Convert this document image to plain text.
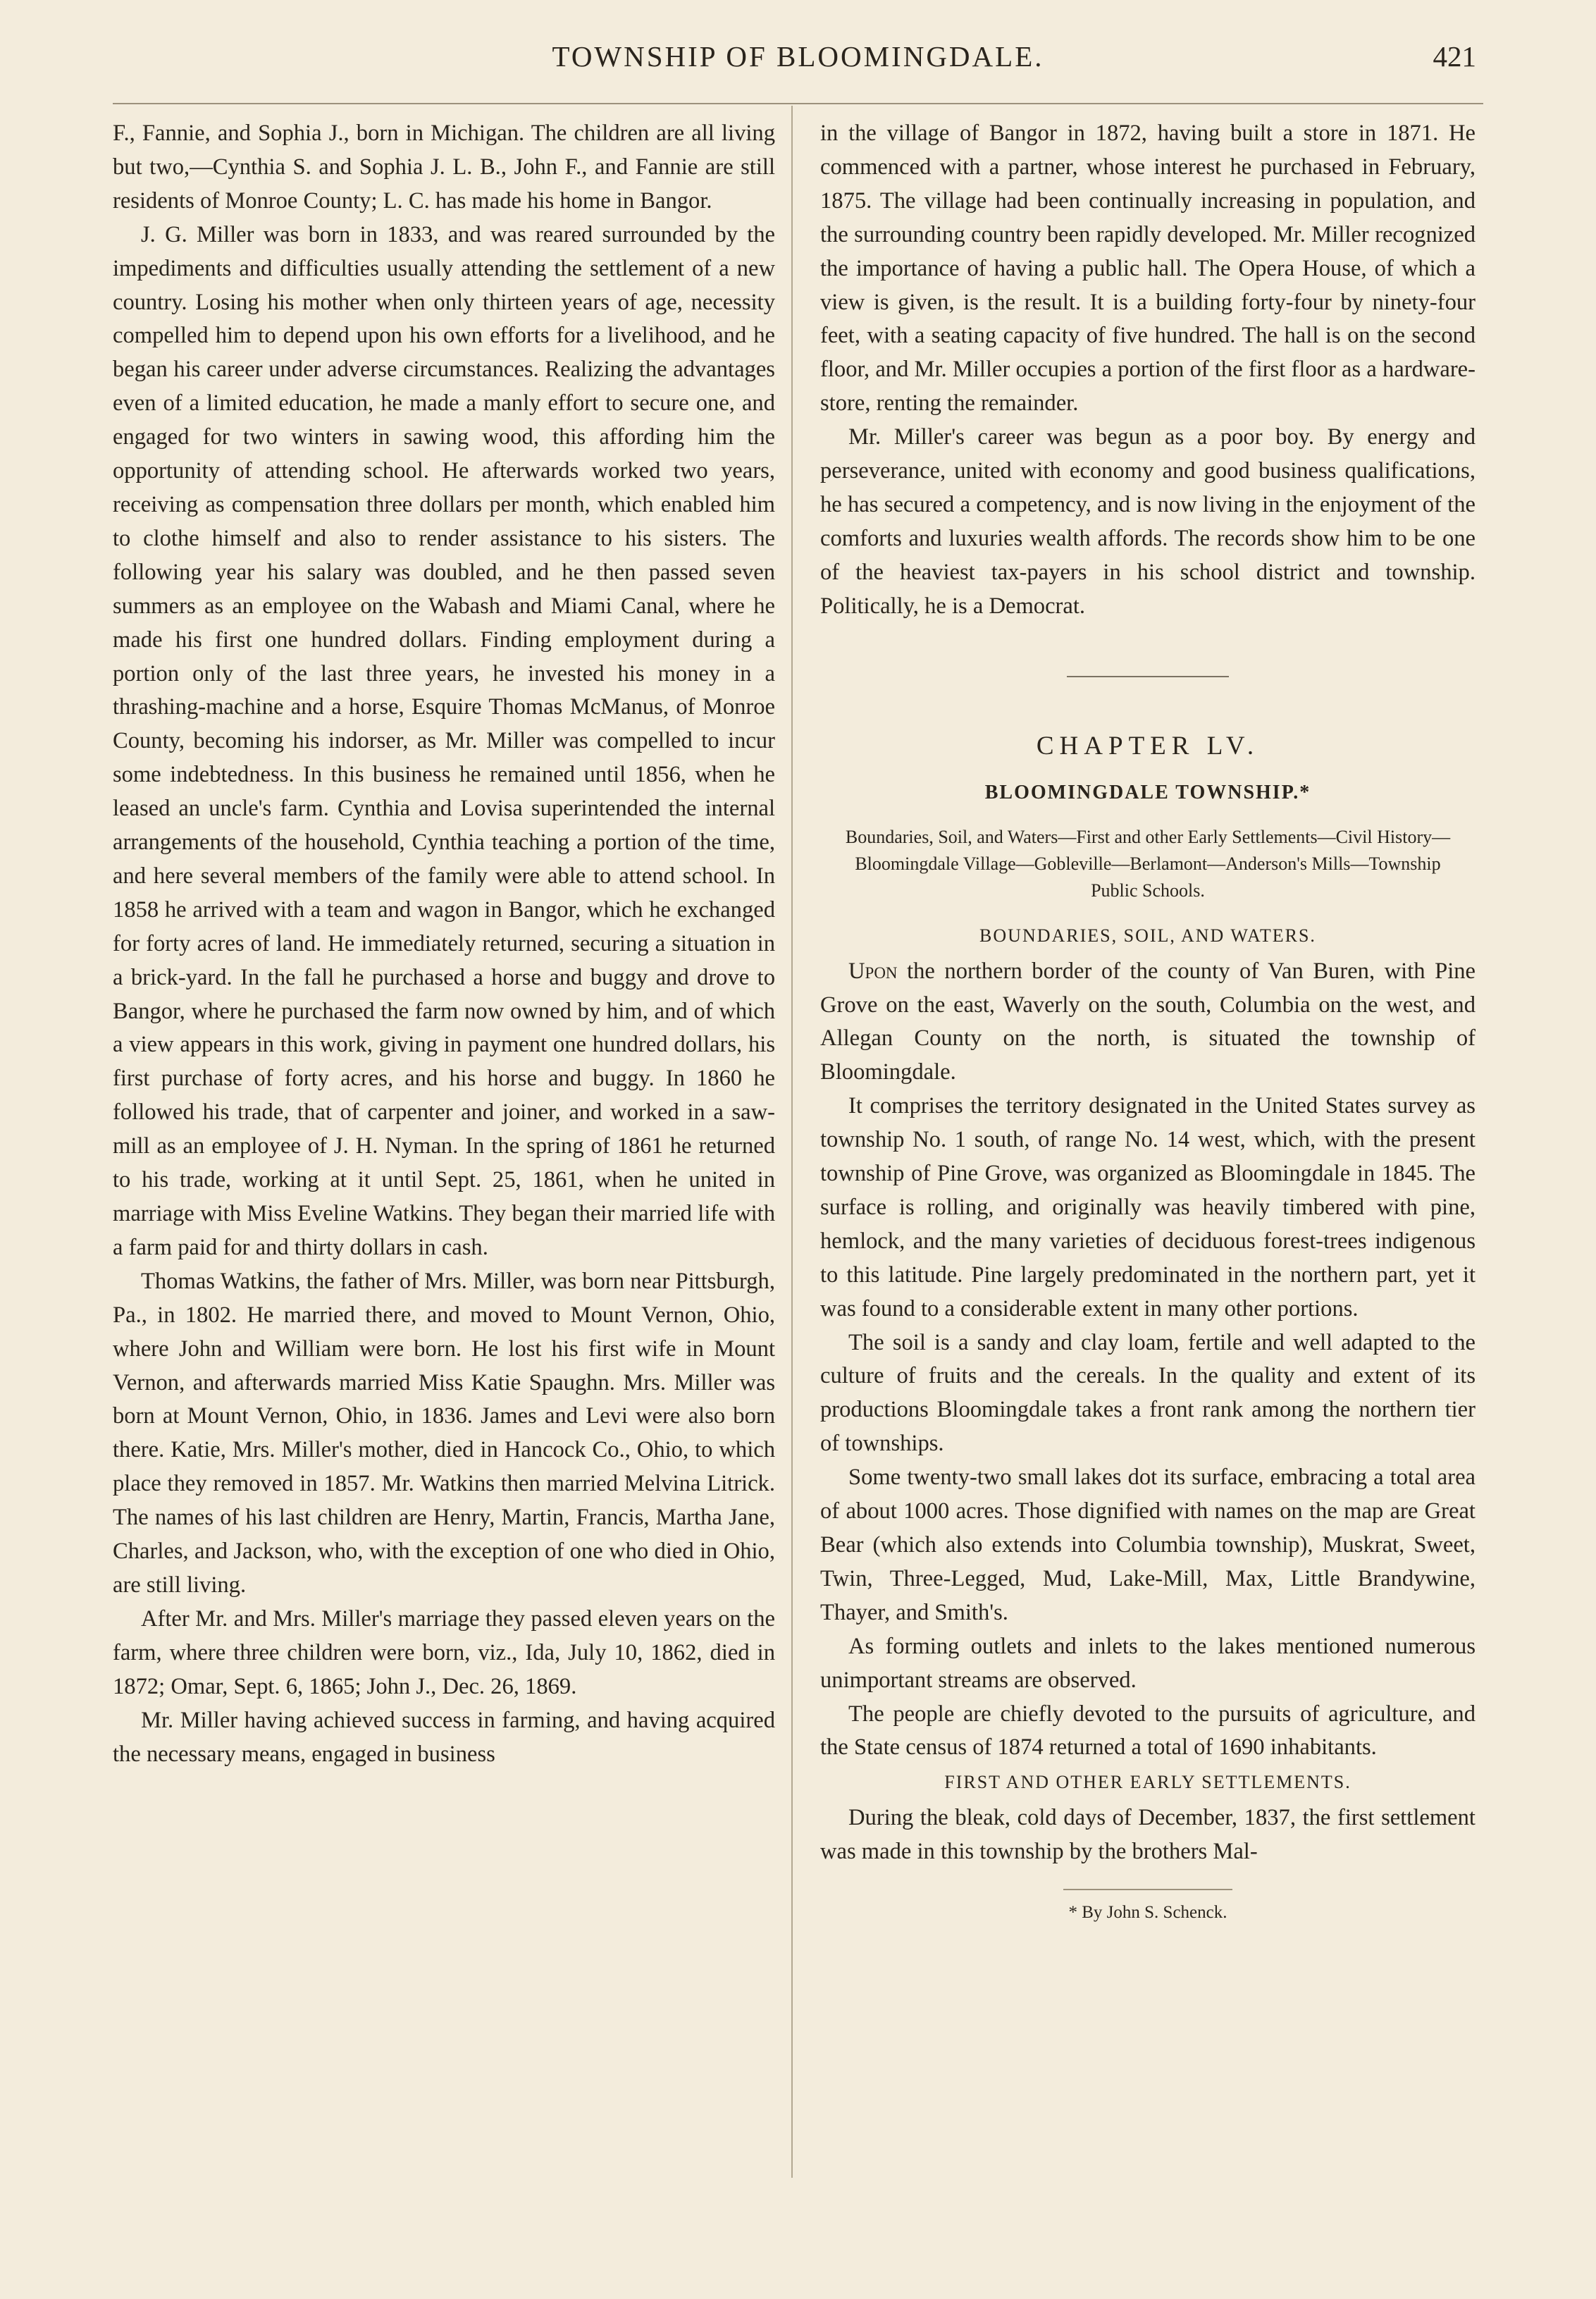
TOWNSHIP OF BLOOMINGDALE.	421

F., Fannie, and Sophia J., born in Michigan. The children are all living but two,—Cynthia S. and Sophia J. L. B., John F., and Fannie are still residents of Monroe County; L. C. has made his home in Bangor.

J. G. Miller was born in 1833, and was reared surrounded by the impediments and difficulties usually attending the settlement of a new country. Losing his mother when only thirteen years of age, necessity compelled him to depend upon his own efforts for a livelihood, and he began his career under adverse circumstances. Realizing the advantages even of a limited education, he made a manly effort to secure one, and engaged for two winters in sawing wood, this affording him the opportunity of attending school. He afterwards worked two years, receiving as compensation three dollars per month, which enabled him to clothe himself and also to render assistance to his sisters. The following year his salary was doubled, and he then passed seven summers as an employee on the Wabash and Miami Canal, where he made his first one hundred dollars. Finding employment during a portion only of the last three years, he invested his money in a thrashing-machine and a horse, Esquire Thomas McManus, of Monroe County, becoming his indorser, as Mr. Miller was compelled to incur some indebtedness. In this business he remained until 1856, when he leased an uncle's farm. Cynthia and Lovisa superintended the internal arrangements of the household, Cynthia teaching a portion of the time, and here several members of the family were able to attend school. In 1858 he arrived with a team and wagon in Bangor, which he exchanged for forty acres of land. He immediately returned, securing a situation in a brick-yard. In the fall he purchased a horse and buggy and drove to Bangor, where he purchased the farm now owned by him, and of which a view appears in this work, giving in payment one hundred dollars, his first purchase of forty acres, and his horse and buggy. In 1860 he followed his trade, that of carpenter and joiner, and worked in a saw-mill as an employee of J. H. Nyman. In the spring of 1861 he returned to his trade, working at it until Sept. 25, 1861, when he united in marriage with Miss Eveline Watkins. They began their married life with a farm paid for and thirty dollars in cash.

Thomas Watkins, the father of Mrs. Miller, was born near Pittsburgh, Pa., in 1802. He married there, and moved to Mount Vernon, Ohio, where John and William were born. He lost his first wife in Mount Vernon, and afterwards married Miss Katie Spaughn. Mrs. Miller was born at Mount Vernon, Ohio, in 1836. James and Levi were also born there. Katie, Mrs. Miller's mother, died in Hancock Co., Ohio, to which place they removed in 1857. Mr. Watkins then married Melvina Litrick. The names of his last children are Henry, Martin, Francis, Martha Jane, Charles, and Jackson, who, with the exception of one who died in Ohio, are still living.

After Mr. and Mrs. Miller's marriage they passed eleven years on the farm, where three children were born, viz., Ida, July 10, 1862, died in 1872; Omar, Sept. 6, 1865; John J., Dec. 26, 1869.

Mr. Miller having achieved success in farming, and having acquired the necessary means, engaged in business

in the village of Bangor in 1872, having built a store in 1871. He commenced with a partner, whose interest he purchased in February, 1875. The village had been continually increasing in population, and the surrounding country been rapidly developed. Mr. Miller recognized the importance of having a public hall. The Opera House, of which a view is given, is the result. It is a building forty-four by ninety-four feet, with a seating capacity of five hundred. The hall is on the second floor, and Mr. Miller occupies a portion of the first floor as a hardware-store, renting the remainder.

Mr. Miller's career was begun as a poor boy. By energy and perseverance, united with economy and good business qualifications, he has secured a competency, and is now living in the enjoyment of the comforts and luxuries wealth affords. The records show him to be one of the heaviest tax-payers in his school district and township. Politically, he is a Democrat.

CHAPTER LV.
BLOOMINGDALE TOWNSHIP.*
Boundaries, Soil, and Waters—First and other Early Settlements—Civil History—Bloomingdale Village—Gobleville—Berlamont—Anderson's Mills—Township Public Schools.
BOUNDARIES, SOIL, AND WATERS.

Upon the northern border of the county of Van Buren, with Pine Grove on the east, Waverly on the south, Columbia on the west, and Allegan County on the north, is situated the township of Bloomingdale.

It comprises the territory designated in the United States survey as township No. 1 south, of range No. 14 west, which, with the present township of Pine Grove, was organized as Bloomingdale in 1845. The surface is rolling, and originally was heavily timbered with pine, hemlock, and the many varieties of deciduous forest-trees indigenous to this latitude. Pine largely predominated in the northern part, yet it was found to a considerable extent in many other portions.

The soil is a sandy and clay loam, fertile and well adapted to the culture of fruits and the cereals. In the quality and extent of its productions Bloomingdale takes a front rank among the northern tier of townships.

Some twenty-two small lakes dot its surface, embracing a total area of about 1000 acres. Those dignified with names on the map are Great Bear (which also extends into Columbia township), Muskrat, Sweet, Twin, Three-Legged, Mud, Lake-Mill, Max, Little Brandywine, Thayer, and Smith's.

As forming outlets and inlets to the lakes mentioned numerous unimportant streams are observed.

The people are chiefly devoted to the pursuits of agriculture, and the State census of 1874 returned a total of 1690 inhabitants.

FIRST AND OTHER EARLY SETTLEMENTS.

During the bleak, cold days of December, 1837, the first settlement was made in this township by the brothers Mal-

* By John S. Schenck.
